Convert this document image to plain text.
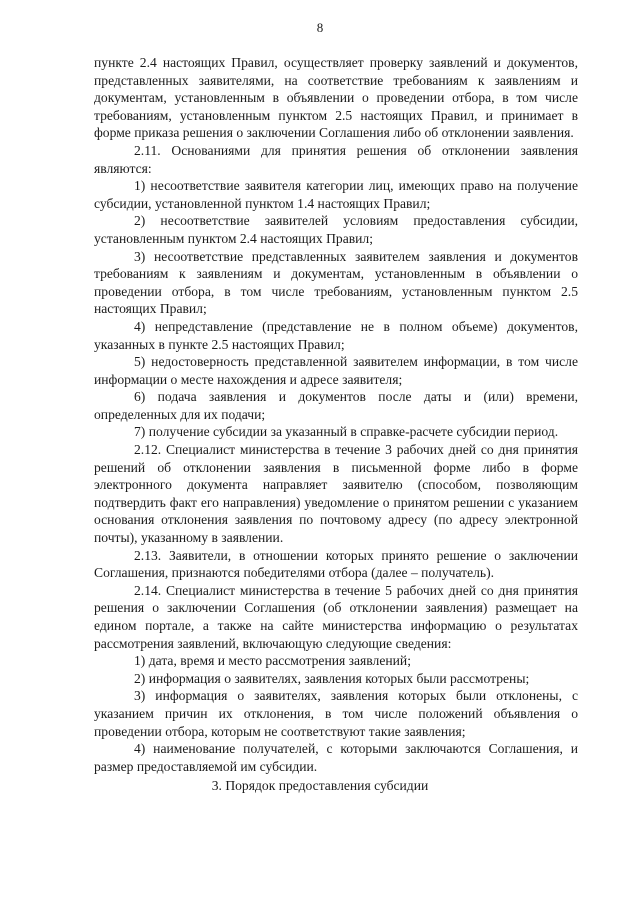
8

пункте 2.4 настоящих Правил, осуществляет проверку заявлений и документов, представленных заявителями, на соответствие требованиям к заявлениям и документам, установленным в объявлении о проведении отбора, в том числе требованиям, установленным пунктом 2.5 настоящих Правил, и принимает в форме приказа решения о заключении Соглашения либо об отклонении заявления.

2.11. Основаниями для принятия решения об отклонении заявления являются:

1) несоответствие заявителя категории лиц, имеющих право на получение субсидии, установленной пунктом 1.4 настоящих Правил;

2) несоответствие заявителей условиям предоставления субсидии, установленным пунктом 2.4 настоящих Правил;

3) несоответствие представленных заявителем заявления и документов требованиям к заявлениям и документам, установленным в объявлении о проведении отбора, в том числе требованиям, установленным пунктом 2.5 настоящих Правил;

4) непредставление (представление не в полном объеме) документов, указанных в пункте 2.5 настоящих Правил;

5) недостоверность представленной заявителем информации, в том числе информации о месте нахождения и адресе заявителя;

6) подача заявления и документов после даты и (или) времени, определенных для их подачи;

7) получение субсидии за указанный в справке-расчете субсидии период.

2.12. Специалист министерства в течение 3 рабочих дней со дня принятия решений об отклонении заявления в письменной форме либо в форме электронного документа направляет заявителю (способом, позволяющим подтвердить факт его направления) уведомление о принятом решении с указанием основания отклонения заявления по почтовому адресу (по адресу электронной почты), указанному в заявлении.

2.13. Заявители, в отношении которых принято решение о заключении Соглашения, признаются победителями отбора (далее – получатель).

2.14. Специалист министерства в течение 5 рабочих дней со дня принятия решения о заключении Соглашения (об отклонении заявления) размещает на едином портале, а также на сайте министерства информацию о результатах рассмотрения заявлений, включающую следующие сведения:

1) дата, время и место рассмотрения заявлений;

2) информация о заявителях, заявления которых были рассмотрены;

3) информация о заявителях, заявления которых были отклонены, с указанием причин их отклонения, в том числе положений объявления о проведении отбора, которым не соответствуют такие заявления;

4) наименование получателей, с которыми заключаются Соглашения, и размер предоставляемой им субсидии.

3. Порядок предоставления субсидии
